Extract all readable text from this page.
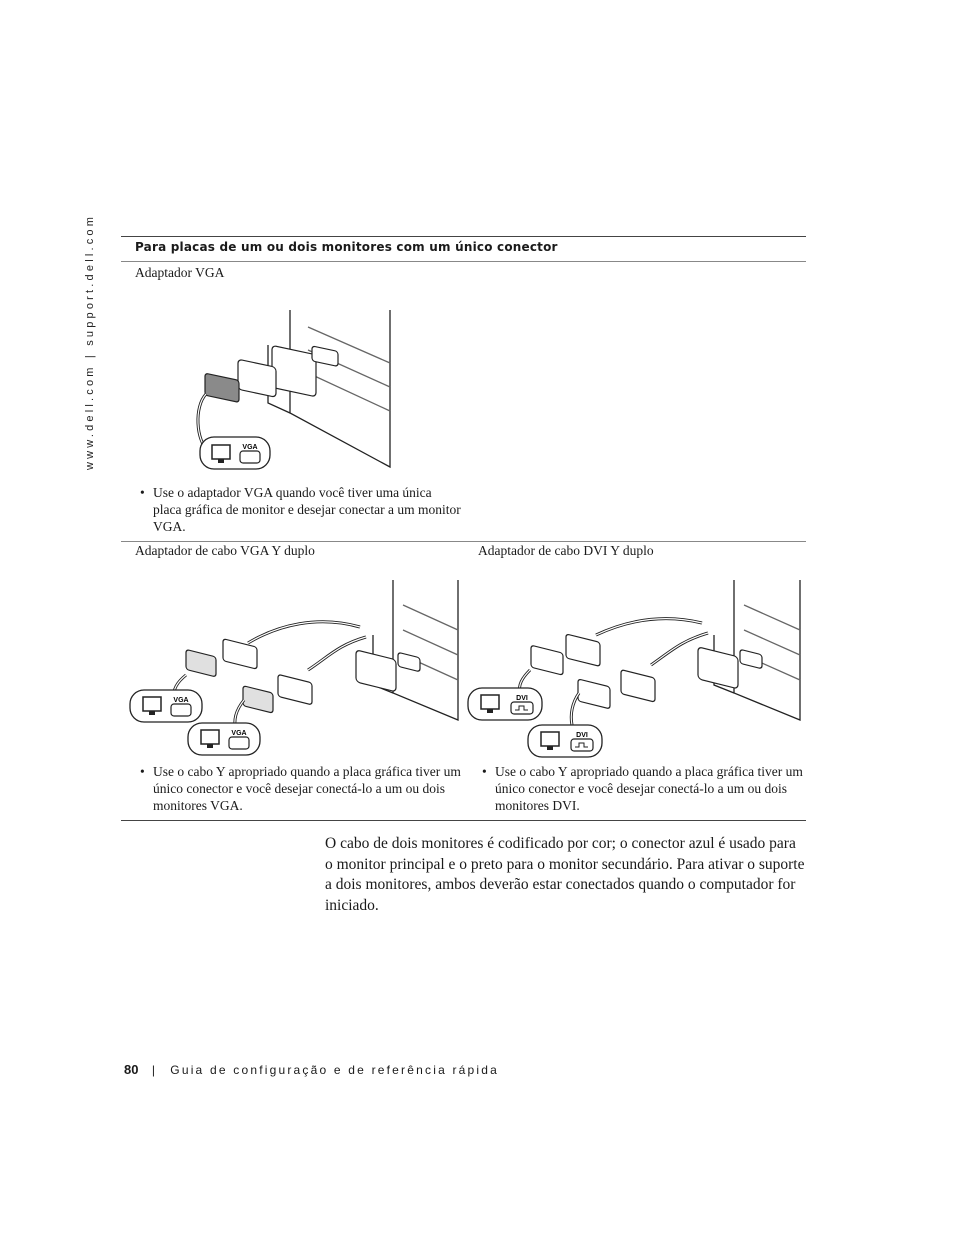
www.dell.com | support.dell.com	Para placas de um ou dois monitores com um único conector
Adaptador VGA
VGA
• Use o adaptador VGA quando você tiver uma única placa gráfica de monitor e desejar conectar a um monitor VGA.
Adaptador de cabo VGA Y duplo	Adaptador de cabo DVI Y duplo
VGA
VGA
DVI
DVI
• Use o cabo Y apropriado quando a placa gráfica tiver um único conector e você desejar conectá-lo a um ou dois monitores VGA.
• Use o cabo Y apropriado quando a placa gráfica tiver um único conector e você desejar conectá-lo a um ou dois monitores DVI.
O cabo de dois monitores é codificado por cor; o conector azul é usado para o monitor principal e o preto para o monitor secundário. Para ativar o suporte a dois monitores, ambos deverão estar conectados quando o computador for iniciado.
80 | Guia de configuração e de referência rápida
